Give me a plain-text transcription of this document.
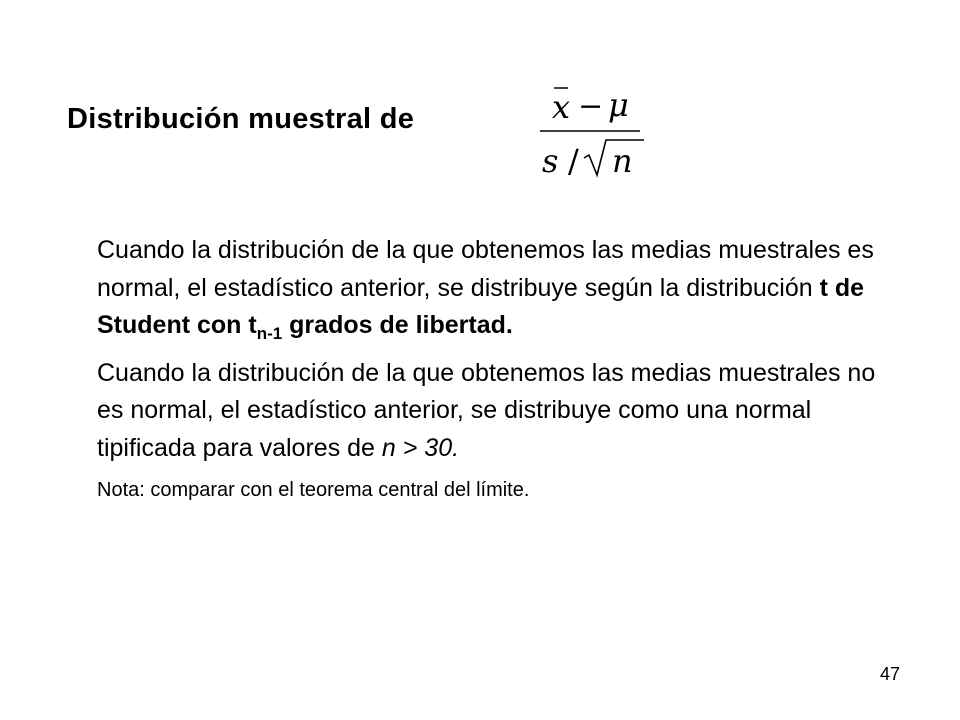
Distribución muestral de	x − μ
s / n
Cuando la distribución de la que obtenemos las medias muestrales es normal, el estadístico anterior, se distribuye según la distribución t de Student con $t_{n-1}$ grados de libertad.
Cuando la distribución de la que obtenemos las medias muestrales no es normal, el estadístico anterior, se distribuye como una normal tipificada para valores de n > 30.
Nota: comparar con el teorema central del límite.
47
